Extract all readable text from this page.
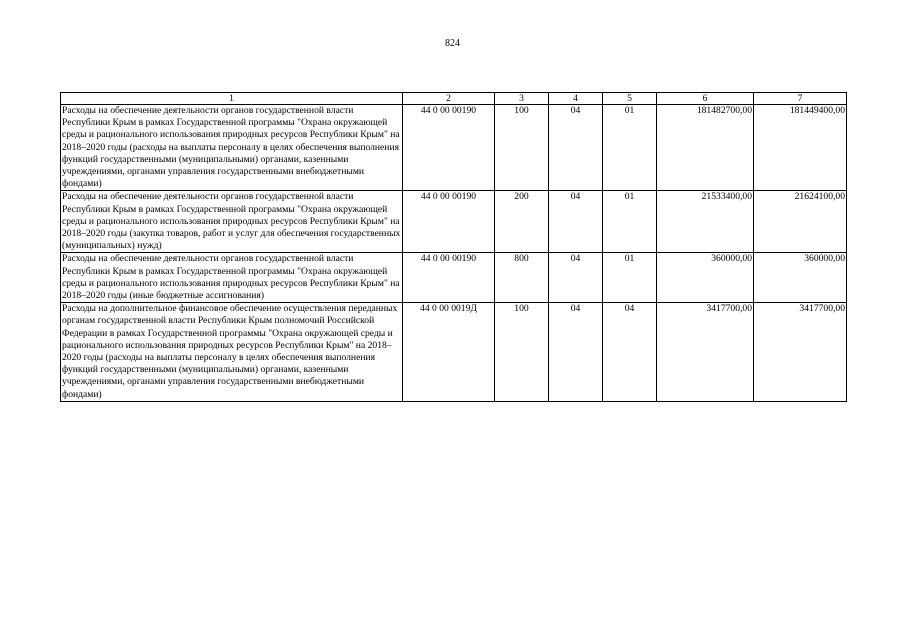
824
1	2	3	4	5	6	7
Расходы на обеспечение деятельности органов государственной власти Республики Крым в рамках Государственной программы "Охрана окружающей среды и рационального использования природных ресурсов Республики Крым" на 2018–2020 годы (расходы на выплаты персоналу в целях обеспечения выполнения функций государственными (муниципальными) органами, казенными учреждениями, органами управления государственными внебюджетными фондами)	44 0 00 00190	100	04	01	181482700,00	181449400,00
Расходы на обеспечение деятельности органов государственной власти Республики Крым в рамках Государственной программы "Охрана окружающей среды и рационального использования природных ресурсов Республики Крым" на 2018–2020 годы (закупка товаров, работ и услуг для обеспечения государственных (муниципальных) нужд)	44 0 00 00190	200	04	01	21533400,00	21624100,00
Расходы на обеспечение деятельности органов государственной власти Республики Крым в рамках Государственной программы "Охрана окружающей среды и рационального использования природных ресурсов Республики Крым" на 2018–2020 годы (иные бюджетные ассигнования)	44 0 00 00190	800	04	01	360000,00	360000,00
Расходы на дополнительное финансовое обеспечение осуществления переданных органам государственной власти Республики Крым полномочий Российской Федерации в рамках Государственной программы "Охрана окружающей среды и рационального использования природных ресурсов Республики Крым" на 2018–2020 годы (расходы на выплаты персоналу в целях обеспечения выполнения функций государственными (муниципальными) органами, казенными учреждениями, органами управления государственными внебюджетными фондами)	44 0 00 0019Д	100	04	04	3417700,00	3417700,00
